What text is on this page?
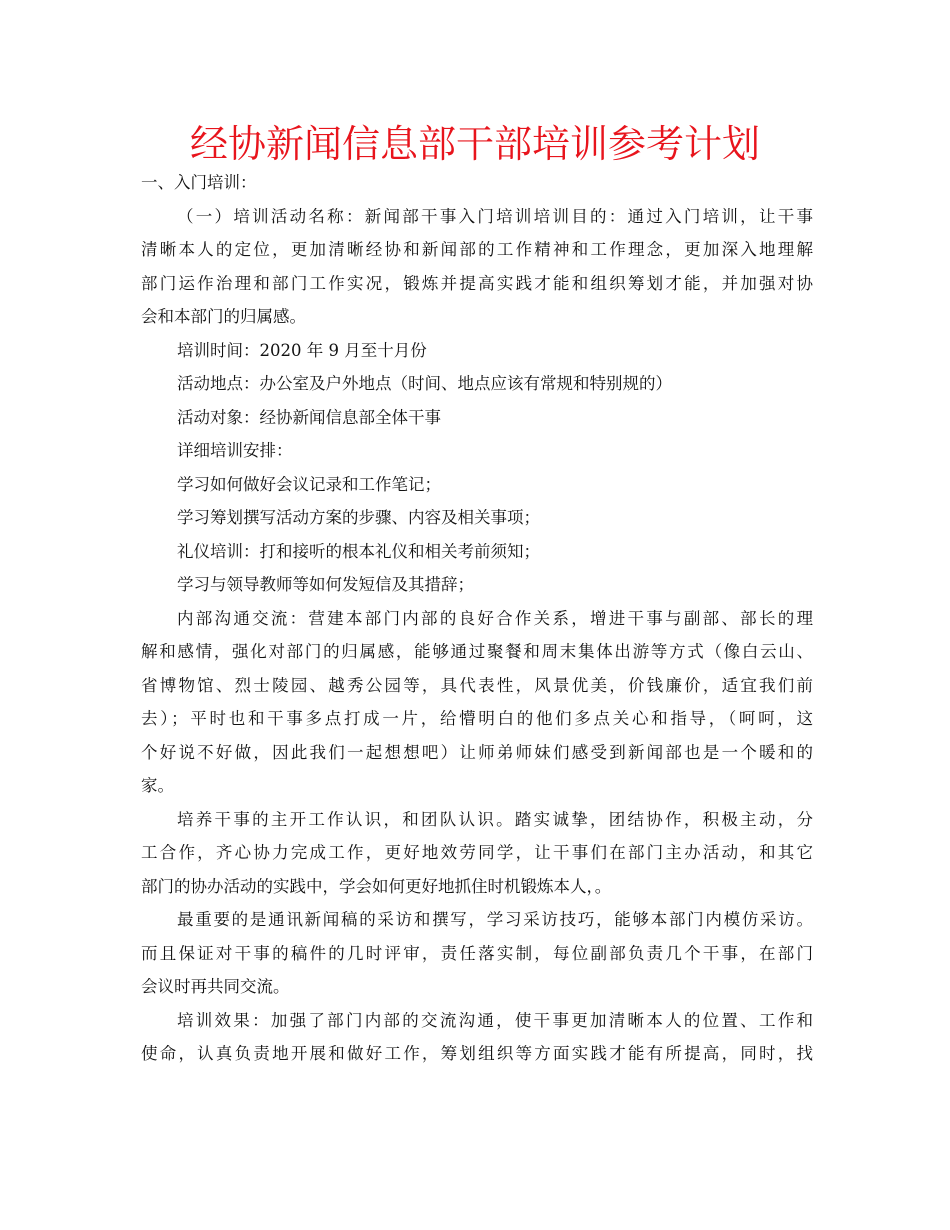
经协新闻信息部干部培训参考计划
一、入门培训：
（一）培训活动名称：新闻部干事入门培训培训目的：通过入门培训，让干事
清晰本人的定位，更加清晰经协和新闻部的工作精神和工作理念，更加深入地理解
部门运作治理和部门工作实况，锻炼并提高实践才能和组织筹划才能，并加强对协
会和本部门的归属感。
培训时间：2020 年 9 月至十月份
活动地点：办公室及户外地点（时间、地点应该有常规和特别规的）
活动对象：经协新闻信息部全体干事
详细培训安排：
学习如何做好会议记录和工作笔记；
学习筹划撰写活动方案的步骤、内容及相关事项；
礼仪培训：打和接听的根本礼仪和相关考前须知；
学习与领导教师等如何发短信及其措辞；
内部沟通交流：营建本部门内部的良好合作关系，增进干事与副部、部长的理
解和感情，强化对部门的归属感，能够通过聚餐和周末集体出游等方式（像白云山、
省博物馆、烈士陵园、越秀公园等，具代表性，风景优美，价钱廉价，适宜我们前
去）；平时也和干事多点打成一片，给懵明白的他们多点关心和指导，（呵呵，这
个好说不好做，因此我们一起想想吧）让师弟师妹们感受到新闻部也是一个暖和的
家。
培养干事的主开工作认识，和团队认识。踏实诚挚，团结协作，积极主动，分
工合作，齐心协力完成工作，更好地效劳同学，让干事们在部门主办活动，和其它
部门的协办活动的实践中，学会如何更好地抓住时机锻炼本人，。
最重要的是通讯新闻稿的采访和撰写，学习采访技巧，能够本部门内模仿采访。
而且保证对干事的稿件的几时评审，责任落实制，每位副部负责几个干事，在部门
会议时再共同交流。
培训效果：加强了部门内部的交流沟通，使干事更加清晰本人的位置、工作和
使命，认真负责地开展和做好工作，筹划组织等方面实践才能有所提高，同时，找
